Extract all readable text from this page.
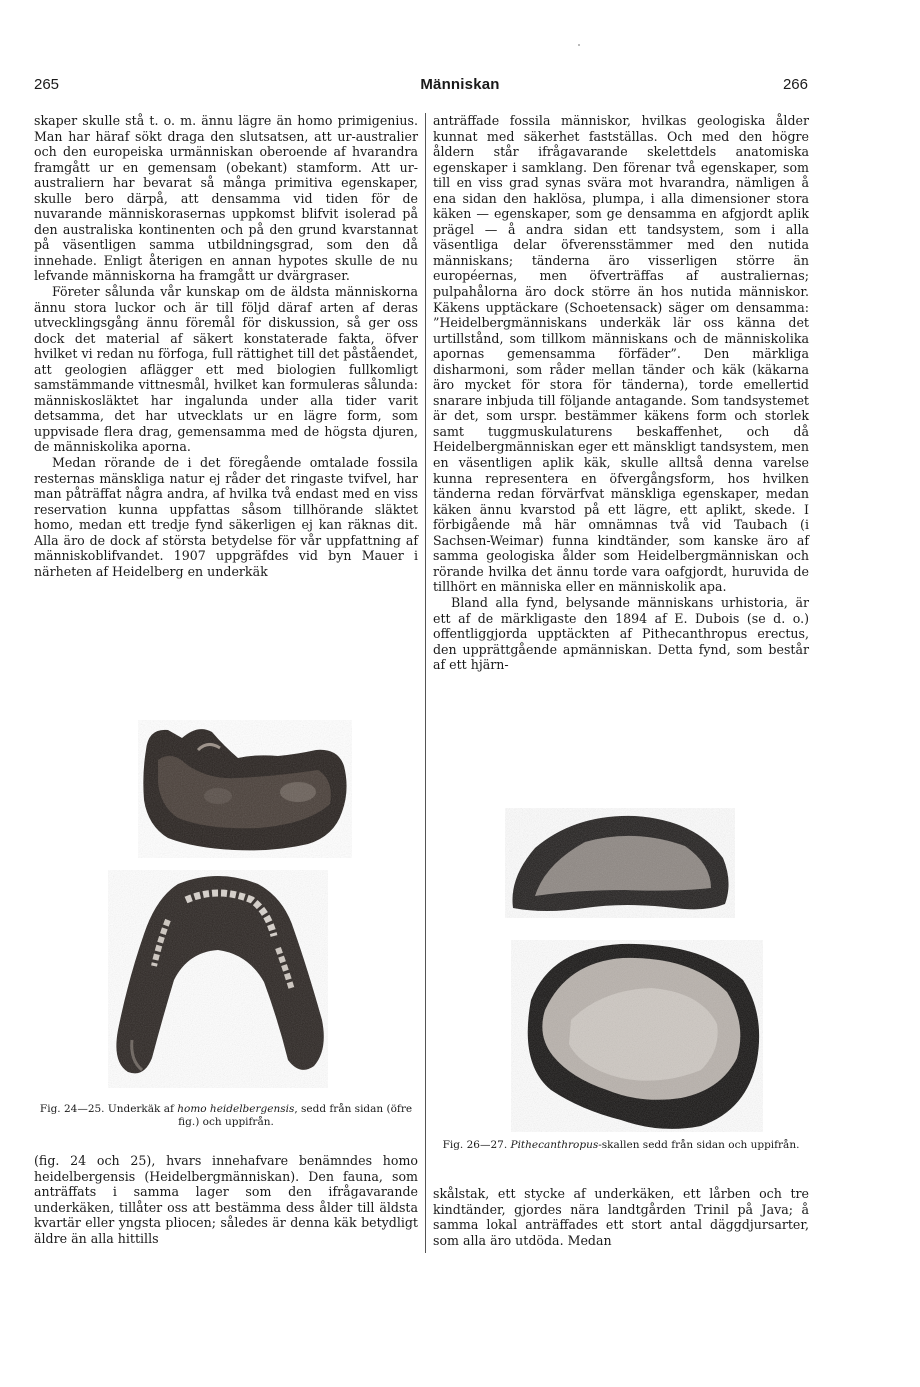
265	Människan	266

skaper skulle stå t. o. m. ännu lägre än homo primigenius. Man har häraf sökt draga den slutsatsen, att ur-australier och den europeiska urmänniskan oberoende af hvarandra framgått ur en gemensam (obekant) stamform. Att ur-australiern har bevarat så många primitiva egenskaper, skulle bero därpå, att densamma vid tiden för de nuvarande människorasernas uppkomst blifvit isolerad på den australiska kontinenten och på den grund kvarstannat på väsentligen samma utbildningsgrad, som den då innehade. Enligt återigen en annan hypotes skulle de nu lefvande människorna ha framgått ur dvärgraser.

Företer sålunda vår kunskap om de äldsta människorna ännu stora luckor och är till följd däraf arten af deras utvecklingsgång ännu föremål för diskussion, så ger oss dock det material af säkert konstaterade fakta, öfver hvilket vi redan nu förfoga, full rättighet till det påståendet, att geologien aflägger ett med biologien fullkomligt samstämmande vittnesmål, hvilket kan formuleras sålunda: människosläktet har ingalunda under alla tider varit detsamma, det har utvecklats ur en lägre form, som uppvisade flera drag, gemensamma med de högsta djuren, de människolika aporna.

Medan rörande de i det föregående omtalade fossila resternas mänskliga natur ej råder det ringaste tvifvel, har man påträffat några andra, af hvilka två endast med en viss reservation kunna uppfattas såsom tillhörande släktet homo, medan ett tredje fynd säkerligen ej kan räknas dit. Alla äro de dock af största betydelse för vår uppfattning af människoblifvandet. 1907 uppgräfdes vid byn Mauer i närheten af Heidelberg en underkäk

Fig. 24—25. Underkäk af homo heidelbergensis, sedd från sidan (öfre fig.) och uppifrån.

(fig. 24 och 25), hvars innehafvare benämndes homo heidelbergensis (Heidelbergmänniskan). Den fauna, som anträffats i samma lager som den ifrågavarande underkäken, tillåter oss att bestämma dess ålder till äldsta kvartär eller yngsta pliocen; således är denna käk betydligt äldre än alla hittills

anträffade fossila människor, hvilkas geologiska ålder kunnat med säkerhet fastställas. Och med den högre åldern står ifrågavarande skelettdels anatomiska egenskaper i samklang. Den förenar två egenskaper, som till en viss grad synas svära mot hvarandra, nämligen å ena sidan den haklösa, plumpa, i alla dimensioner stora käken — egenskaper, som ge densamma en afgjordt aplik prägel — å andra sidan ett tandsystem, som i alla väsentliga delar öfverensstämmer med den nutida människans; tänderna äro visserligen större än européernas, men öfverträffas af australiernas; pulpahålorna äro dock större än hos nutida människor. Käkens upptäckare (Schoetensack) säger om densamma: ”Heidelbergmänniskans underkäk lär oss känna det urtillstånd, som tillkom människans och de människolika apornas gemensamma förfäder”. Den märkliga disharmoni, som råder mellan tänder och käk (käkarna äro mycket för stora för tänderna), torde emellertid snarare inbjuda till följande antagande. Som tandsystemet är det, som urspr. bestämmer käkens form och storlek samt tuggmuskulaturens beskaffenhet, och då Heidelbergmänniskan eger ett mänskligt tandsystem, men en väsentligen aplik käk, skulle alltså denna varelse kunna representera en öfvergångsform, hos hvilken tänderna redan förvärfvat mänskliga egenskaper, medan käken ännu kvarstod på ett lägre, ett aplikt, skede. I förbigående må här omnämnas två vid Taubach (i Sachsen-Weimar) funna kindtänder, som kanske äro af samma geologiska ålder som Heidelbergmänniskan och rörande hvilka det ännu torde vara oafgjordt, huruvida de tillhört en människa eller en människolik apa.

Bland alla fynd, belysande människans urhistoria, är ett af de märkligaste den 1894 af E. Dubois (se d. o.) offentliggjorda upptäckten af Pithecanthropus erectus, den upprättgående apmänniskan. Detta fynd, som består af ett hjärn-

Fig. 26—27. Pithecanthropus-skallen sedd från sidan och uppifrån.

skålstak, ett stycke af underkäken, ett lårben och tre kindtänder, gjordes nära landtgården Trinil på Java; å samma lokal anträffades ett stort antal däggdjursarter, som alla äro utdöda. Medan
